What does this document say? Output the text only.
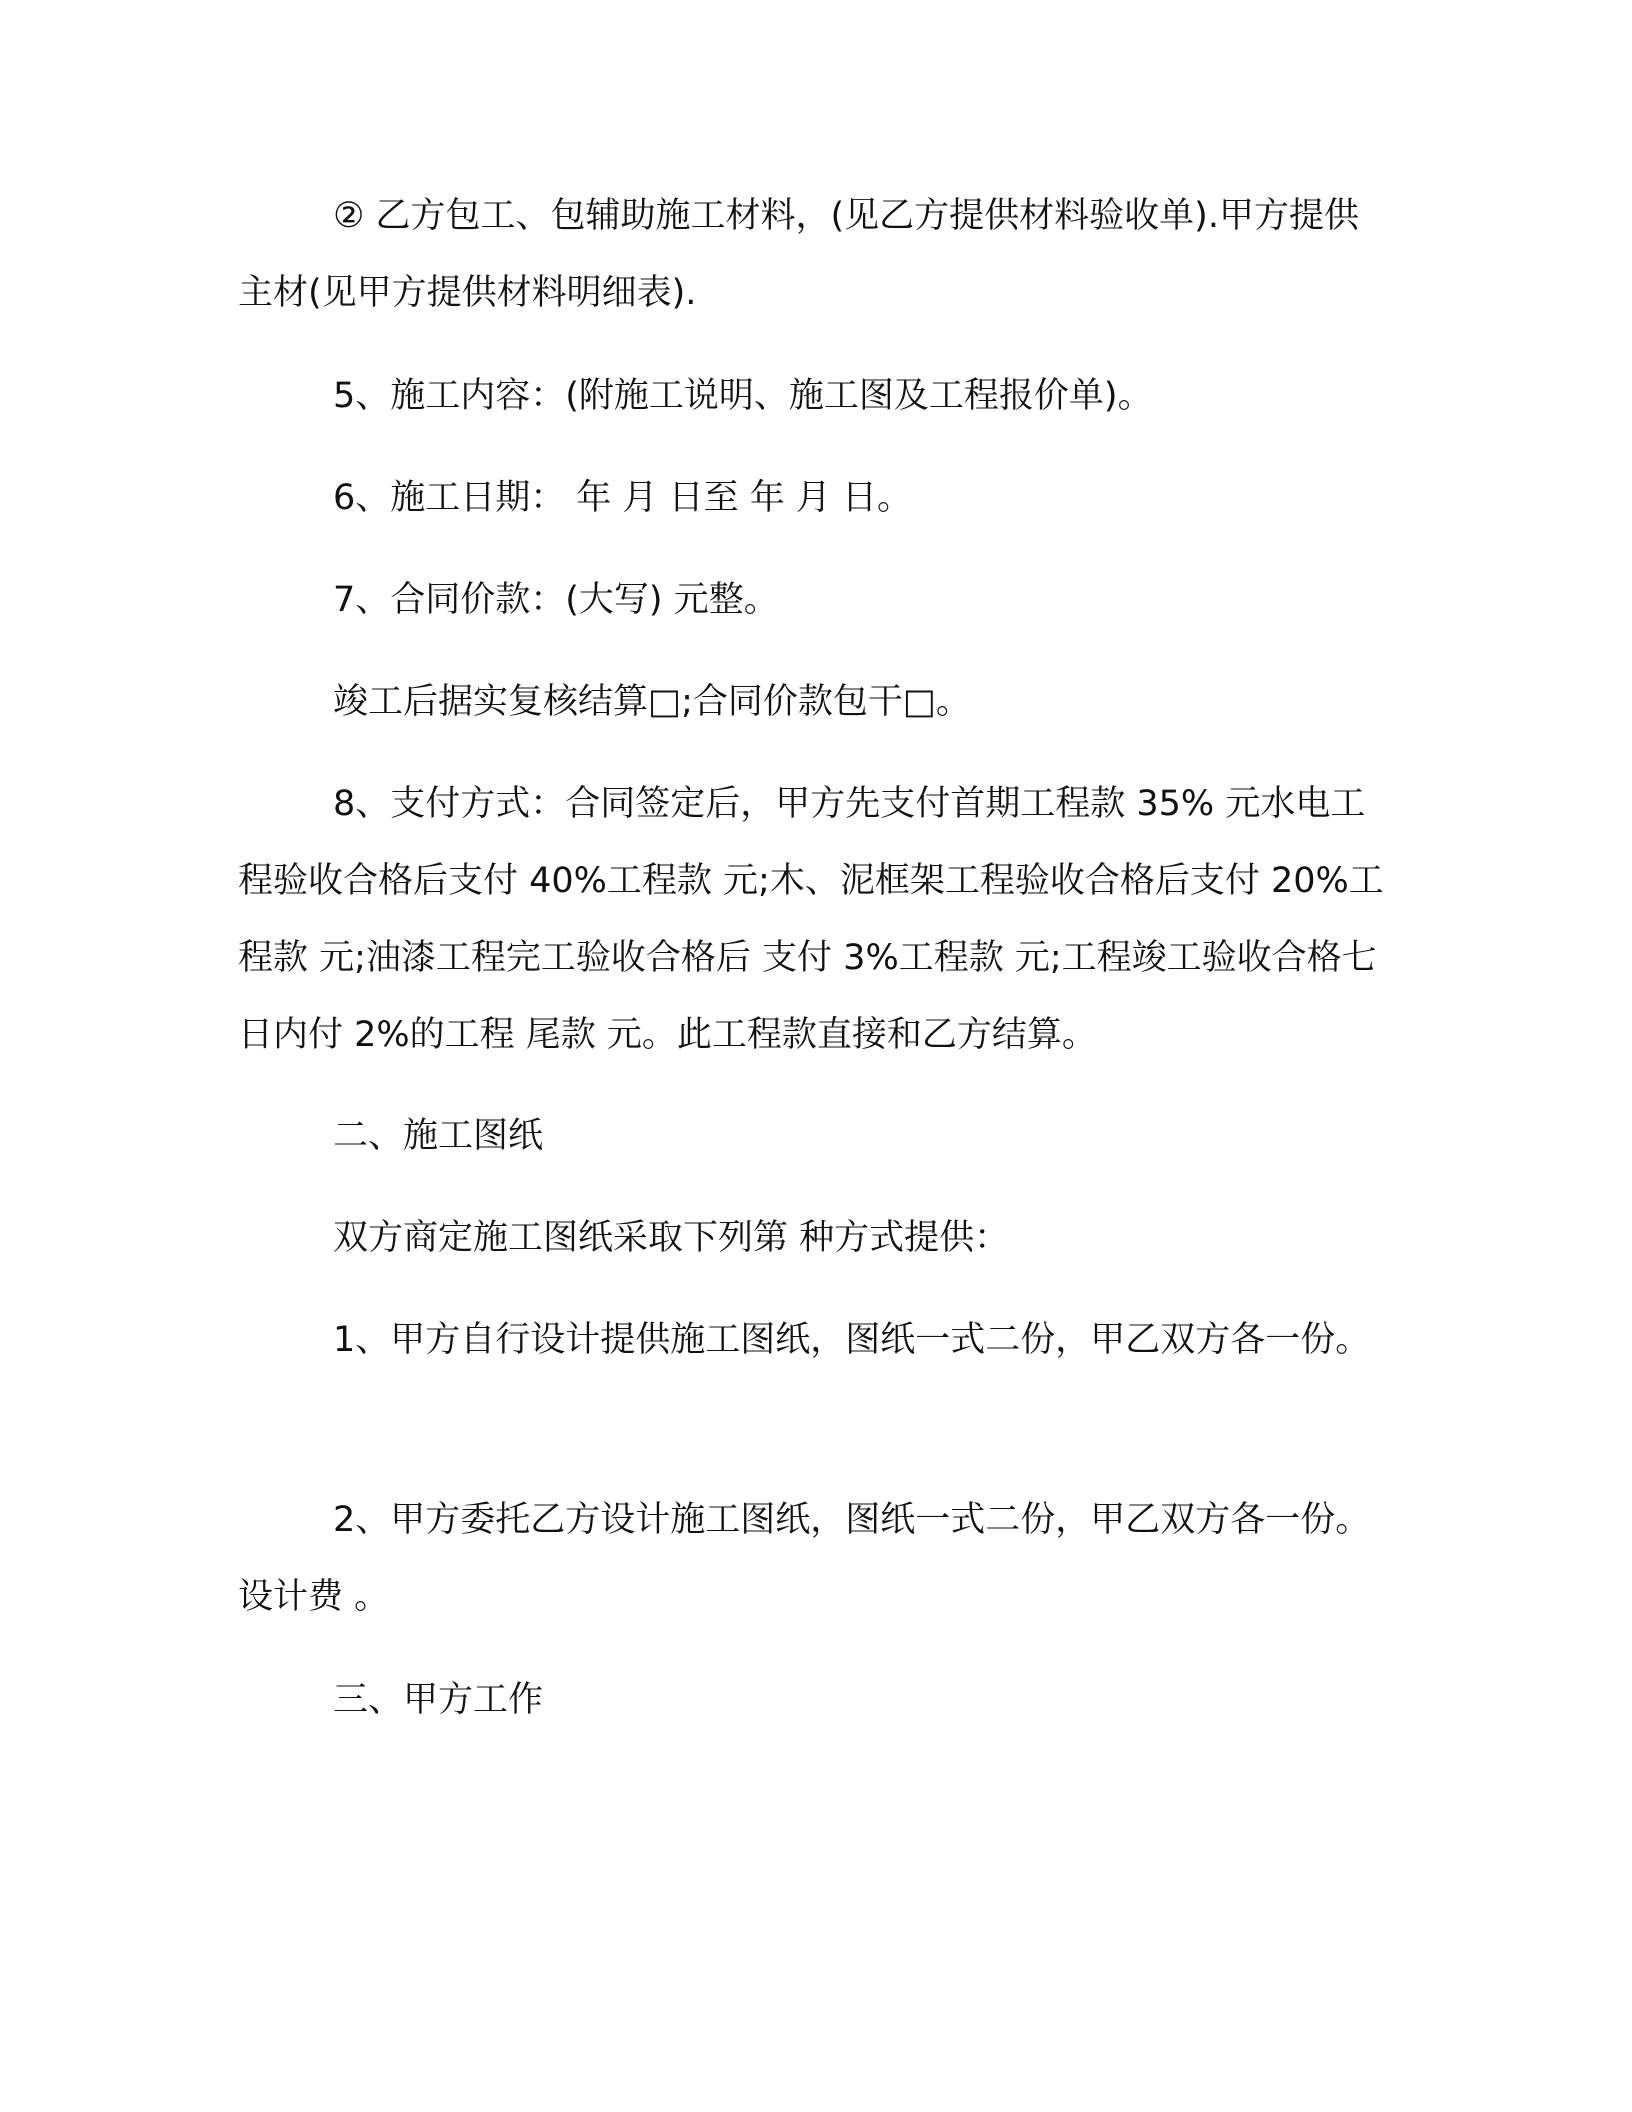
② 乙方包工、包辅助施工材料，(见乙方提供材料验收单).甲方提供主材(见甲方提供材料明细表).

5、施工内容：(附施工说明、施工图及工程报价单)。

6、施工日期： 年 月 日至 年 月 日。

7、合同价款：(大写) 元整。

竣工后据实复核结算□;合同价款包干□。

8、支付方式：合同签定后，甲方先支付首期工程款 35% 元水电工程验收合格后支付 40%工程款 元;木、泥框架工程验收合格后支付 20%工程款 元;油漆工程完工验收合格后 支付 3%工程款 元;工程竣工验收合格七日内付 2%的工程 尾款 元。此工程款直接和乙方结算。

二、施工图纸

双方商定施工图纸采取下列第 种方式提供：

1、甲方自行设计提供施工图纸，图纸一式二份，甲乙双方各一份。

2、甲方委托乙方设计施工图纸，图纸一式二份，甲乙双方各一份。设计费 。

三、甲方工作
